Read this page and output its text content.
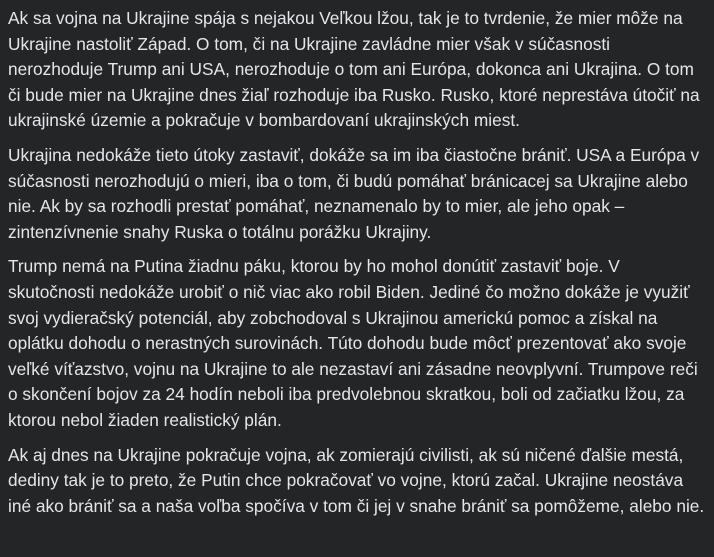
Ak sa vojna na Ukrajine spája s nejakou Veľkou lžou, tak je to tvrdenie, že mier môže na Ukrajine nastoliť Západ. O tom, či na Ukrajine zavládne mier však v súčasnosti nerozhoduje Trump ani USA, nerozhoduje o tom ani Európa, dokonca ani Ukrajina. O tom či bude mier na Ukrajine dnes žiaľ rozhoduje iba Rusko. Rusko, ktoré neprestáva útočiť na ukrajinské územie a pokračuje v bombardovaní ukrajinských miest.

Ukrajina nedokáže tieto útoky zastaviť, dokáže sa im iba čiastočne brániť. USA a Európa v súčasnosti nerozhodujú o mieri, iba o tom, či budú pomáhať bránicacej sa Ukrajine alebo nie. Ak by sa rozhodli prestať pomáhať, neznamenalo by to mier, ale jeho opak – zintenzívnenie snahy Ruska o totálnu porážku Ukrajiny.

Trump nemá na Putina žiadnu páku, ktorou by ho mohol donútiť zastaviť boje. V skutočnosti nedokáže urobiť o nič viac ako robil Biden. Jediné čo možno dokáže je využiť svoj vydieračský potenciál, aby zobchodoval s Ukrajinou americkú pomoc a získal na oplátku dohodu o nerastných surovinách. Túto dohodu bude môcť prezentovať ako svoje veľké víťazstvo, vojnu na Ukrajine to ale nezastaví ani zásadne neovplyvní. Trumpove reči o skončení bojov za 24 hodín neboli iba predvolebnou skratkou, boli od začiatku lžou, za ktorou nebol žiaden realistický plán.

Ak aj dnes na Ukrajine pokračuje vojna, ak zomierajú civilisti, ak sú ničené ďalšie mestá, dediny tak je to preto, že Putin chce pokračovať vo vojne, ktorú začal. Ukrajine neostáva iné ako brániť sa a naša voľba spočíva v tom či jej v snahe brániť sa pomôžeme, alebo nie.
